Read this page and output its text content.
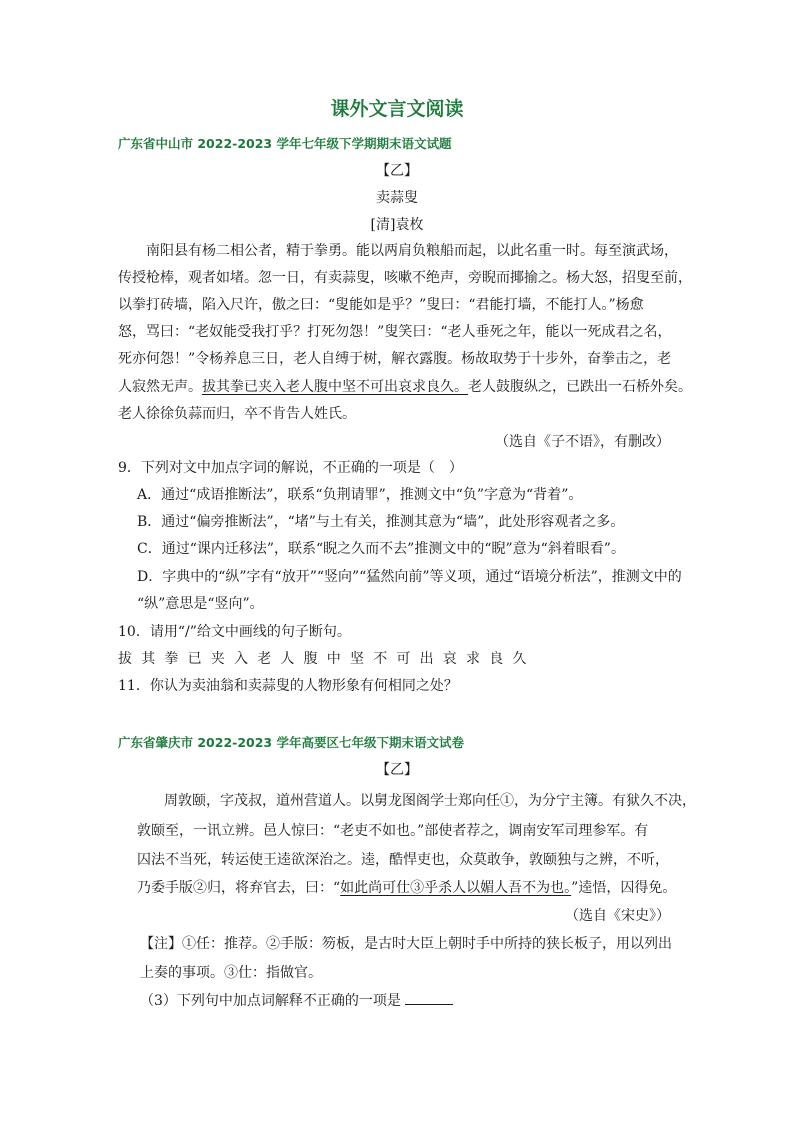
课外文言文阅读
广东省中山市 2022-2023 学年七年级下学期期末语文试题
【乙】
卖蒜叟
[清]袁枚
南阳县有杨二相公者，精于拳勇。能以两肩负粮船而起，以此名重一时。每至演武场，
传授枪棒，观者如堵。忽一日，有卖蒜叟，咳嗽不绝声，旁睨而揶揄之。杨大怒，招叟至前，
以拳打砖墙，陷入尺许，傲之曰：“叟能如是乎？”叟曰：“君能打墙，不能打人。”杨愈
怒，骂曰：“老奴能受我打乎？打死勿怨！”叟笑曰：“老人垂死之年，能以一死成君之名，
死亦何怨！”令杨养息三日，老人自缚于树，解衣露腹。杨故取势于十步外，奋拳击之，老
人寂然无声。拔其拳已夹入老人腹中坚不可出哀求良久。老人鼓腹纵之，已跌出一石桥外矣。
老人徐徐负蒜而归，卒不肯告人姓氏。
（选自《子不语》，有删改）
9．下列对文中加点字词的解说，不正确的一项是（　）
A．通过“成语推断法”，联系“负荆请罪”，推测文中“负”字意为“背着”。
B．通过“偏旁推断法”，“堵”与土有关，推测其意为“墙”，此处形容观者之多。
C．通过“课内迁移法”，联系“睨之久而不去”推测文中的“睨”意为“斜着眼看”。
D．字典中的“纵”字有“放开”“竖向”“猛然向前”等义项，通过“语境分析法”，推测文中的
“纵”意思是“竖向”。
10．请用“/”给文中画线的句子断句。
拔其拳已夹入老人腹中坚不可出哀求良久
11．你认为卖油翁和卖蒜叟的人物形象有何相同之处？
广东省肇庆市 2022-2023 学年高要区七年级下期末语文试卷
【乙】
周敦颐，字茂叔，道州营道人。以舅龙图阁学士郑向任①，为分宁主簿。有狱久不决，
敦颐至，一讯立辨。邑人惊曰：“老吏不如也。”部使者荐之，调南安军司理参军。有
囚法不当死，转运使王逵欲深治之。逵，酷悍吏也，众莫敢争，敦颐独与之辨，不听，
乃委手版②归，将弃官去，曰：“如此尚可仕③乎杀人以媚人吾不为也。”逵悟，囚得免。
（选自《宋史》）
【注】①任：推荐。②手版：笏板，是古时大臣上朝时手中所持的狭长板子，用以列出
上奏的事项。③仕：指做官。
（3）下列句中加点词解释不正确的一项是
